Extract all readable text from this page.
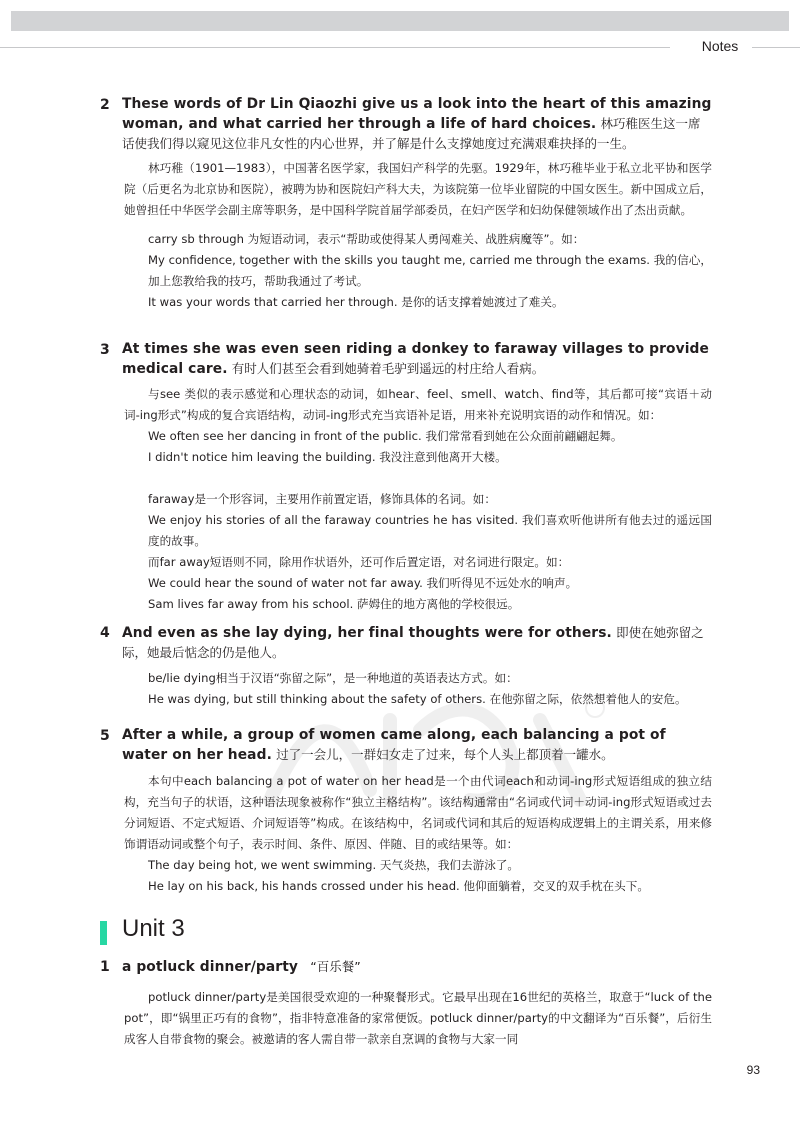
Notes
2 These words of Dr Lin Qiaozhi give us a look into the heart of this amazing woman, and what carried her through a life of hard choices. 林巧稚医生这一席话使我们得以窥见这位非凡女性的内心世界，并了解是什么支撑她度过充满艰难抉择的一生。

林巧稚（1901—1983），中国著名医学家，我国妇产科学的先驱。1929年，林巧稚毕业于私立北平协和医学院（后更名为北京协和医院），被聘为协和医院妇产科大夫，为该院第一位毕业留院的中国女医生。新中国成立后，她曾担任中华医学会副主席等职务，是中国科学院首届学部委员，在妇产医学和妇幼保健领域作出了杰出贡献。

carry sb through 为短语动词，表示“帮助或使得某人勇闯难关、战胜病魔等”。如：

My confidence, together with the skills you taught me, carried me through the exams. 我的信心，加上您教给我的技巧，帮助我通过了考试。

It was your words that carried her through. 是你的话支撑着她渡过了难关。

3 At times she was even seen riding a donkey to faraway villages to provide medical care. 有时人们甚至会看到她骑着毛驴到遥远的村庄给人看病。

与see 类似的表示感觉和心理状态的动词，如hear、feel、smell、watch、find等，其后都可接“宾语＋动词-ing形式”构成的复合宾语结构，动词-ing形式充当宾语补足语，用来补充说明宾语的动作和情况。如：

We often see her dancing in front of the public. 我们常常看到她在公众面前翩翩起舞。

I didn't notice him leaving the building. 我没注意到他离开大楼。

faraway是一个形容词，主要用作前置定语，修饰具体的名词。如：

We enjoy his stories of all the faraway countries he has visited. 我们喜欢听他讲所有他去过的遥远国度的故事。

而far away短语则不同，除用作状语外，还可作后置定语，对名词进行限定。如：

We could hear the sound of water not far away. 我们听得见不远处水的响声。

Sam lives far away from his school. 萨姆住的地方离他的学校很远。

4 And even as she lay dying, her final thoughts were for others. 即使在她弥留之际，她最后惦念的仍是他人。

be/lie dying相当于汉语“弥留之际”，是一种地道的英语表达方式。如：

He was dying, but still thinking about the safety of others. 在他弥留之际，依然想着他人的安危。

5 After a while, a group of women came along, each balancing a pot of water on her head. 过了一会儿，一群妇女走了过来，每个人头上都顶着一罐水。

本句中each balancing a pot of water on her head是一个由代词each和动词-ing形式短语组成的独立结构，充当句子的状语，这种语法现象被称作“独立主格结构”。该结构通常由“名词或代词＋动词-ing形式短语或过去分词短语、不定式短语、介词短语等”构成。在该结构中，名词或代词和其后的短语构成逻辑上的主谓关系，用来修饰谓语动词或整个句子，表示时间、条件、原因、伴随、目的或结果等。如：

The day being hot, we went swimming. 天气炎热，我们去游泳了。

He lay on his back, his hands crossed under his head. 他仰面躺着，交叉的双手枕在头下。

Unit 3
1 a potluck dinner/party “百乐餐”

potluck dinner/party是美国很受欢迎的一种聚餐形式。它最早出现在16世纪的英格兰，取意于“luck of the pot”，即“锅里正巧有的食物”，指非特意准备的家常便饭。potluck dinner/party的中文翻译为“百乐餐”，后衍生成客人自带食物的聚会。被邀请的客人需自带一款亲自烹调的食物与大家一同

93
